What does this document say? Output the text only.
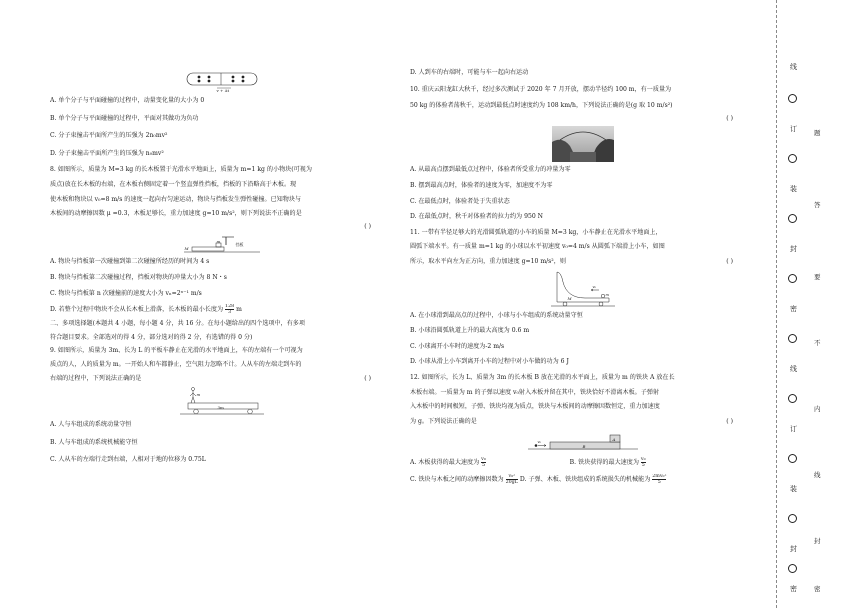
v + Δt
A. 单个分子与平面碰撞的过程中，动量变化量的大小为 0
B. 单个分子与平面碰撞的过程中，平面对其做功为负功
C. 分子束撞击平面所产生的压强为 2n₀mv²
D. 分子束撞击平面所产生的压强为 n₀mv²
8. 如图所示，质量为 M=3 kg 的长木板置于光滑水平地面上，质量为 m=1 kg 的小物块(可视为
质点)放在长木板的右端，在木板右侧固定着一个竖直弹性挡板，挡板的下沿略高于木板。现
使木板和物块以 v₀=8 m/s 的速度一起向右匀速运动，物块与挡板发生弹性碰撞。已知物块与
木板间的动摩擦因数 μ =0.3，木板足够长，重力加速度 g=10 m/s²，则下列说法不正确的是
( )
M
m
挡板
A. 物块与挡板第一次碰撞到第二次碰撞所经历的时间为 4 s
B. 物块与挡板第二次碰撞过程，挡板对物块的冲量大小为 8 N・s
C. 物块与挡板第 n 次碰撞前的速度大小为 vₙ=2ⁿ⁻¹ m/s
D. 若整个过程中物块不会从长木板上滑落，长木板的最小长度为 $\frac{128}{3}$ m
二、多项选择题(本题共 4 小题，每小题 4 分，共 16 分。在每小题给出的四个选项中，有多项
符合题目要求。全部选对的得 4 分，部分选对的得 2 分，有选错的得 0 分)
9. 如图所示，质量为 3m、长为 L 的平板车静止在光滑的水平地面上，车的左端有一个可视为
质点的人，人的质量为 m。一开始人和车都静止，空气阻力忽略不计。人从车的左端走到车的
右端的过程中，下列说法正确的是	( )
m
3m
A. 人与车组成的系统动量守恒
B. 人与车组成的系统机械能守恒
C. 人从车的左端行走到右端，人相对于地的位移为 0.75L
D. 人到车的右端时，可能与车一起向右运动
10. 重庆云阳龙缸大秋千，经过多次测试于 2020 年 7 月开放，摆动半径约 100 m，有一质量为
50 kg 的体验者荡秋千，运动到最低点时速度约为 108 km/h，下列说法正确的是(g 取 10 m/s²)
( )
A. 从最高点摆到最低点过程中，体验者所受重力的冲量为零
B. 摆到最高点时，体验者的速度为零，加速度不为零
C. 在最低点时，体验者处于失重状态
D. 在最低点时，秋千对体验者的拉力约为 950 N
11. 一带有半径足够大的光滑圆弧轨道的小车的质量 M=3 kg，小车静止在光滑水平地面上，
圆弧下端水平。有一质量 m=1 kg 的小球以水平初速度 v₀=4 m/s 从圆弧下端滑上小车，如图
所示，取水平向左为正方向，重力加速度 g=10 m/s²，则	( )
M
v₀
m
A. 在小球滑到最高点的过程中，小球与小车组成的系统动量守恒
B. 小球沿圆弧轨道上升的最大高度为 0.6 m
C. 小球离开小车时的速度为-2 m/s
D. 小球从滑上小车到离开小车的过程中对小车做的功为 6 J
12. 如图所示，长为 L、质量为 3m 的长木板 B 放在光滑的水平面上，质量为 m 的铁块 A 放在长
木板右端。一质量为 m 的子弹以速度 v₀射入木板并留在其中，铁块恰好不滑离木板。子弹射
入木板中的时间极短，子弹、铁块均视为质点，铁块与木板间的动摩擦因数恒定，重力加速度
为 g。下列说法正确的是	( )
v₀	A
B
A. 木板获得的最大速度为 $\frac{\text{v₀}}{5}$	B. 铁块获得的最大速度为 $\frac{\text{v₀}}{5}$
C. 铁块与木板之间的动摩擦因数为 $\frac{\text{v₀²}}{20gL} D$. 子弹、木板、铁块组成的系统损失的机械能为 $\frac{\text{2mv₀²}}{5}$
线
订
装
封
密
线
订
装
封
密
题
答
要
不
内
线
封
密
